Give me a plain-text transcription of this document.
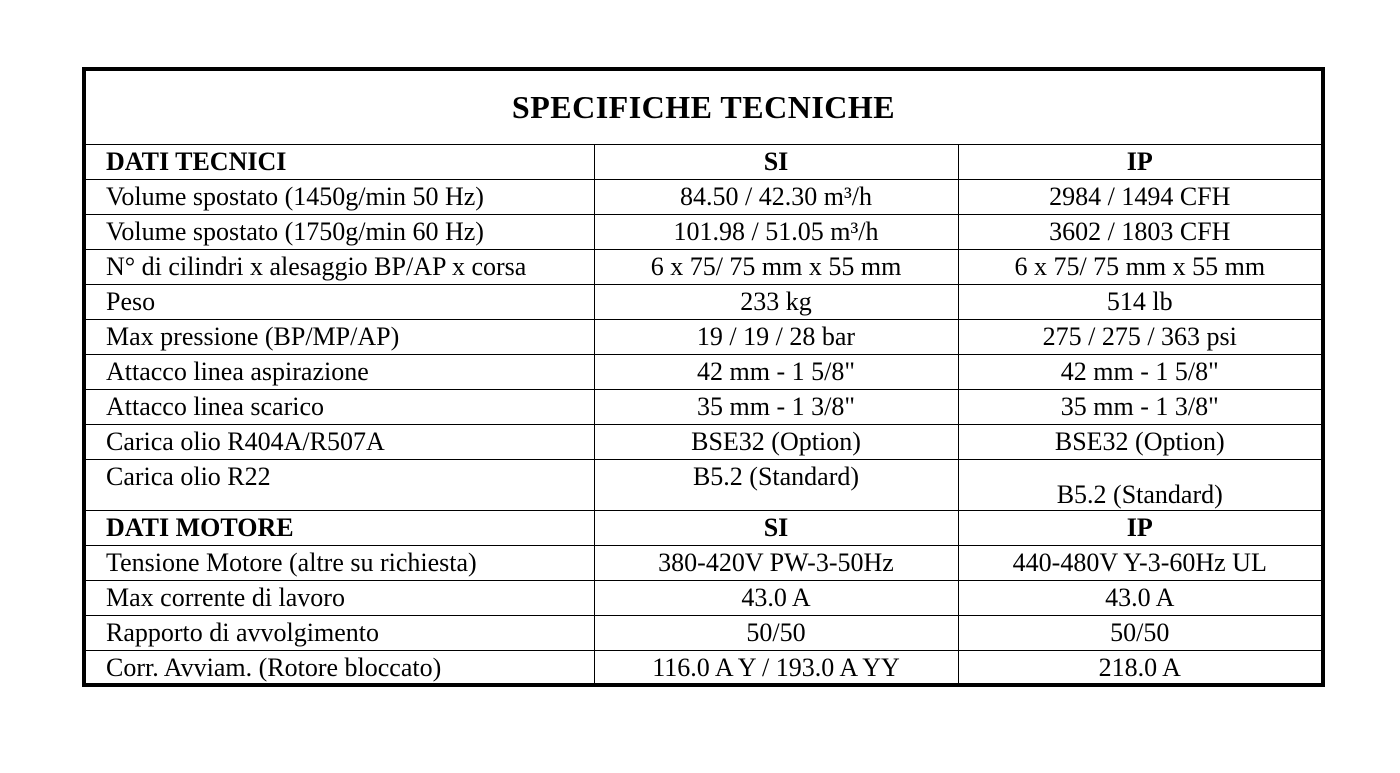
SPECIFICHE TECNICHE
DATI TECNICI	SI	IP
Volume spostato (1450g/min 50 Hz)	84.50 / 42.30 m³/h	2984 / 1494 CFH
Volume spostato (1750g/min 60 Hz)	101.98 / 51.05 m³/h	3602 / 1803 CFH
N° di cilindri x alesaggio BP/AP x corsa	6 x 75/ 75 mm x 55 mm	6 x 75/ 75 mm x 55 mm
Peso	233 kg	514 lb
Max pressione (BP/MP/AP)	19 / 19 / 28 bar	275 / 275 / 363 psi
Attacco linea aspirazione	42 mm - 1 5/8"	42 mm - 1 5/8"
Attacco linea scarico	35 mm - 1 3/8"	35 mm - 1 3/8"
Carica olio R404A/R507A	BSE32 (Option)	BSE32 (Option)
Carica olio R22	B5.2 (Standard)	B5.2 (Standard)
DATI MOTORE	SI	IP
Tensione Motore (altre su richiesta)	380-420V PW-3-50Hz	440-480V Y-3-60Hz UL
Max corrente di lavoro	43.0 A	43.0 A
Rapporto di avvolgimento	50/50	50/50
Corr. Avviam. (Rotore bloccato)	116.0 A Y / 193.0 A YY	218.0 A
